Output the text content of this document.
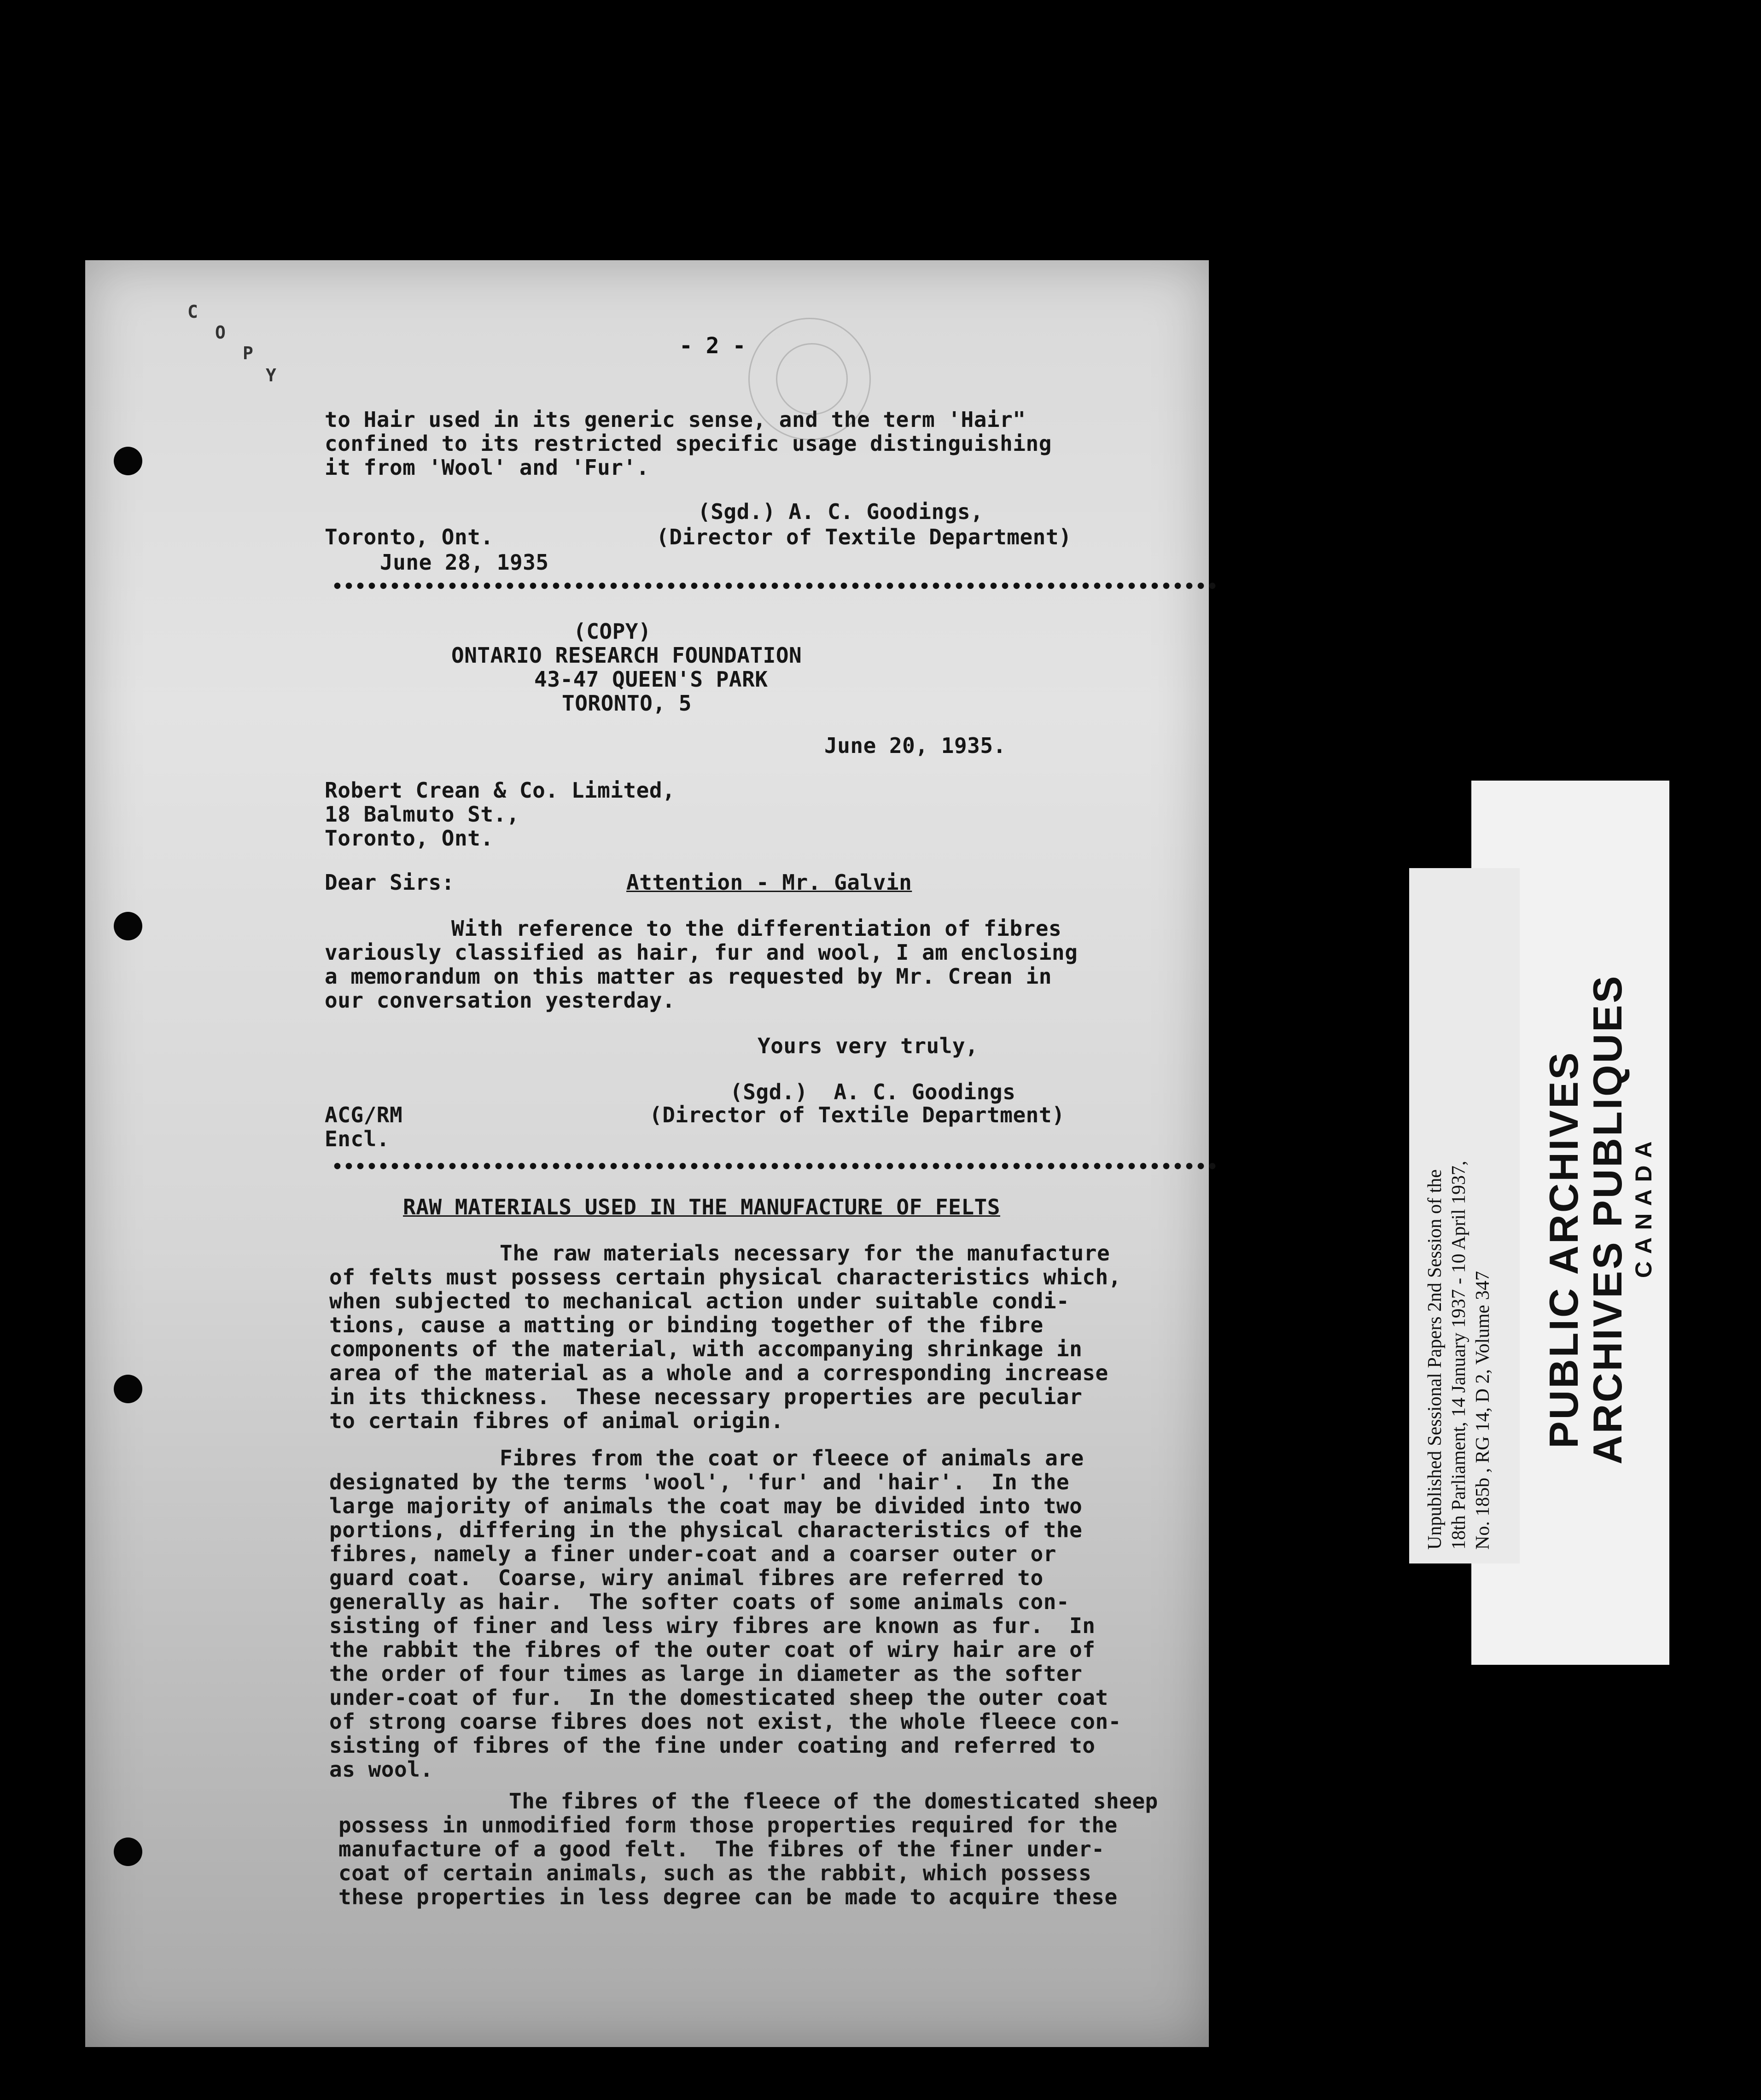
C
O
P
Y
- 2 -
to Hair used in its generic sense, and the term 'Hair"
confined to its restricted specific usage distinguishing
it from 'Wool' and 'Fur'.
(Sgd.) A. C. Goodings,
Toronto, Ont.	(Director of Textile Department)
June 28, 1935
(COPY)
ONTARIO RESEARCH FOUNDATION
43-47 QUEEN'S PARK
TORONTO, 5
June 20, 1935.
Robert Crean & Co. Limited,
18 Balmuto St.,
Toronto, Ont.
Dear Sirs:	Attention - Mr. Galvin
With reference to the differentiation of fibres
variously classified as hair, fur and wool, I am enclosing
a memorandum on this matter as requested by Mr. Crean in
our conversation yesterday.
Yours very truly,
(Sgd.)  A. C. Goodings
ACG/RM	(Director of Textile Department)
Encl.
RAW MATERIALS USED IN THE MANUFACTURE OF FELTS
The raw materials necessary for the manufacture
of felts must possess certain physical characteristics which,
when subjected to mechanical action under suitable condi-
tions, cause a matting or binding together of the fibre
components of the material, with accompanying shrinkage in
area of the material as a whole and a corresponding increase
in its thickness.  These necessary properties are peculiar
to certain fibres of animal origin.
Fibres from the coat or fleece of animals are
designated by the terms 'wool', 'fur' and 'hair'.  In the
large majority of animals the coat may be divided into two
portions, differing in the physical characteristics of the
fibres, namely a finer under-coat and a coarser outer or
guard coat.  Coarse, wiry animal fibres are referred to
generally as hair.  The softer coats of some animals con-
sisting of finer and less wiry fibres are known as fur.  In
the rabbit the fibres of the outer coat of wiry hair are of
the order of four times as large in diameter as the softer
under-coat of fur.  In the domesticated sheep the outer coat
of strong coarse fibres does not exist, the whole fleece con-
sisting of fibres of the fine under coating and referred to
as wool.
The fibres of the fleece of the domesticated sheep
possess in unmodified form those properties required for the
manufacture of a good felt.  The fibres of the finer under-
coat of certain animals, such as the rabbit, which possess
these properties in less degree can be made to acquire these
PUBLIC ARCHIVES
ARCHIVES PUBLIQUES CANADA
Unpublished Sessional Papers 2nd Session of the 18th Parliament, 14 January 1937 - 10 April 1937, No. 185b , RG 14, D 2, Volume 347
